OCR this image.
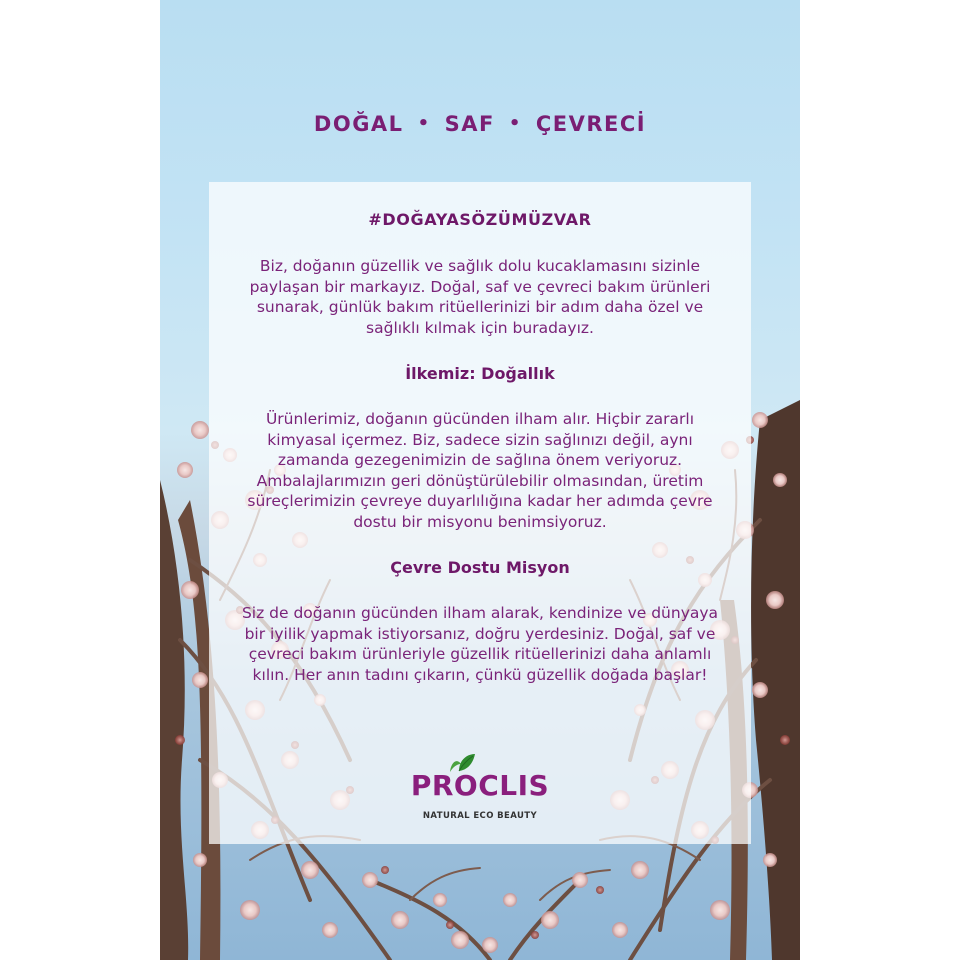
DOĞAL • SAF • ÇEVRECİ
#DOĞAYASÖZÜMÜZVAR

Biz, doğanın güzellik ve sağlık dolu kucaklamasını sizinle paylaşan bir markayız. Doğal, saf ve çevreci bakım ürünleri sunarak, günlük bakım ritüellerinizi bir adım daha özel ve sağlıklı kılmak için buradayız.

İlkemiz: Doğallık

Ürünlerimiz, doğanın gücünden ilham alır. Hiçbir zararlı kimyasal içermez. Biz, sadece sizin sağlınızı değil, aynı zamanda gezegenimizin de sağlına önem veriyoruz. Ambalajlarımızın geri dönüştürülebilir olmasından, üretim süreçlerimizin çevreye duyarlılığına kadar her adımda çevre dostu bir misyonu benimsiyoruz.

Çevre Dostu Misyon

Siz de doğanın gücünden ilham alarak, kendinize ve dünyaya bir iyilik yapmak istiyorsanız, doğru yerdesiniz. Doğal, saf ve çevreci bakım ürünleriyle güzellik ritüellerinizi daha anlamlı kılın. Her anın tadını çıkarın, çünkü güzellik doğada başlar!

PROCLIS
NATURAL ECO BEAUTY
